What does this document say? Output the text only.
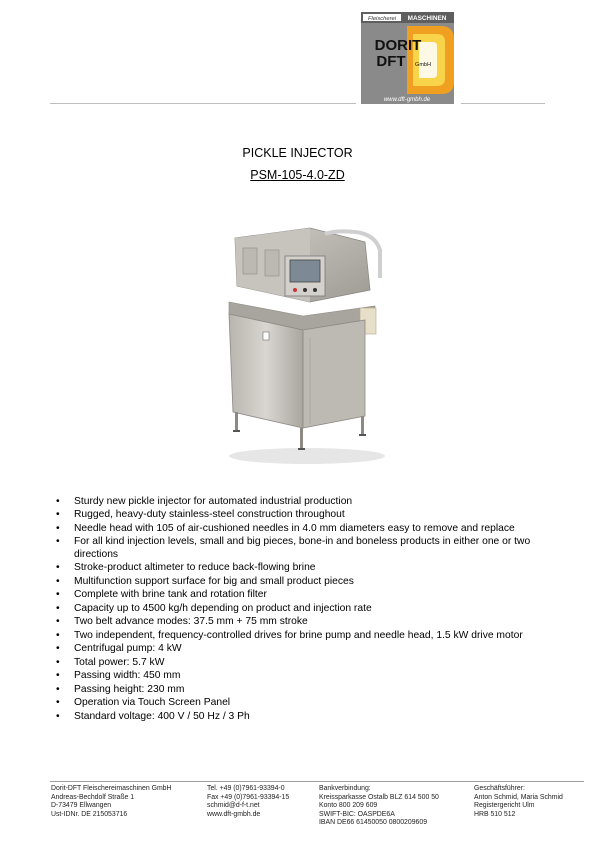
Fleischerei MASCHINEN
DORIT
DFT GmbH
www.dft-gmbh.de
PICKLE INJECTOR
PSM-105-4.0-ZD
• Sturdy new pickle injector for automated industrial production
• Rugged, heavy-duty stainless-steel construction throughout
• Needle head with 105 of air-cushioned needles in 4.0 mm diameters easy to remove and replace
• For all kind injection levels, small and big pieces, bone-in and boneless products in either one or two directions
• Stroke-product altimeter to reduce back-flowing brine
• Multifunction support surface for big and small product pieces
• Complete with brine tank and rotation filter
• Capacity up to 4500 kg/h depending on product and injection rate
• Two belt advance modes: 37.5 mm + 75 mm stroke
• Two independent, frequency-controlled drives for brine pump and needle head, 1.5 kW drive motor
• Centrifugal pump: 4 kW
• Total power: 5.7 kW
• Passing width: 450 mm
• Passing height: 230 mm
• Operation via Touch Screen Panel
• Standard voltage: 400 V / 50 Hz / 3 Ph
Dorit-DFT Fleischereimaschinen GmbH
Andreas-Bechdolf Straße 1
D-73479 Ellwangen
Ust-IDNr. DE 215053716
Tel. +49 (0)7961-93394-0
Fax +49 (0)7961-93394-15
schmid@d-f-t.net
www.dft-gmbh.de
Bankverbindung:
Kreissparkasse Ostalb BLZ 614 500 50
Konto 800 209 609
SWIFT-BIC: OASPDE6A
IBAN DE66 61450050 0800209609
Geschäftsführer:
Anton Schmid, Maria Schmid
Registergericht Ulm
HRB 510 512
